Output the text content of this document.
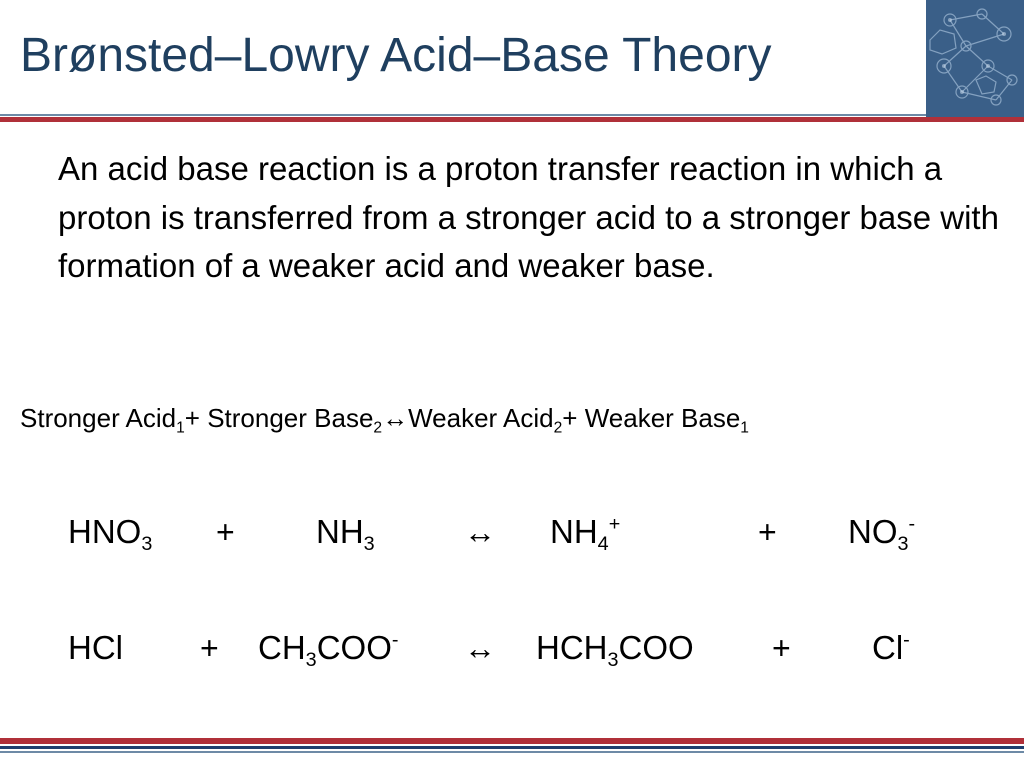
Brønsted–Lowry Acid–Base Theory
An acid base reaction is a proton transfer reaction in which a proton is transferred from a stronger acid to a stronger base with formation of a weaker acid and weaker base.
Stronger Acid$_1$+ Stronger Base$_2$↔Weaker Acid$_2$+ Weaker Base$_1$
$HNO_3 + NH_3$	↔ $NH_4^+$	+ $NO_3^-$
HCl + $CH_3COO^-$ ↔ $HCH_3COO + Cl^-$
